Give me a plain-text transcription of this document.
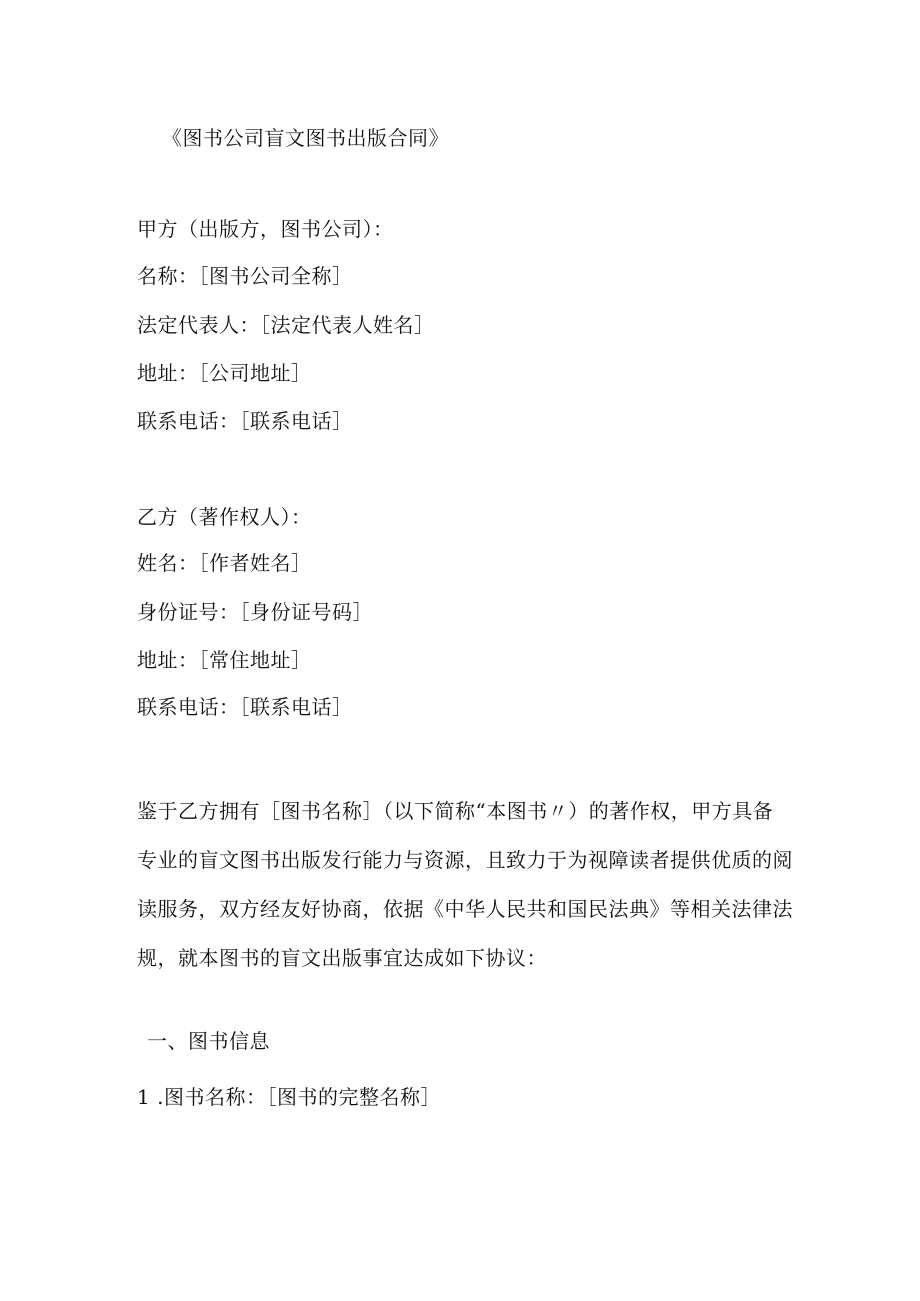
《图书公司盲文图书出版合同》
甲方（出版方，图书公司）：
名称：［图书公司全称］
法定代表人：［法定代表人姓名］
地址：［公司地址］
联系电话：［联系电话］
乙方（著作权人）：
姓名：［作者姓名］
身份证号：［身份证号码］
地址：［常住地址］
联系电话：［联系电话］
鉴于乙方拥有［图书名称］（以下简称“本图书〃）的著作权，甲方具备
专业的盲文图书出版发行能力与资源，且致力于为视障读者提供优质的阅
读服务，双方经友好协商，依据《中华人民共和国民法典》等相关法律法
规，就本图书的盲文出版事宜达成如下协议：
一、图书信息
1 .图书名称：［图书的完整名称］
